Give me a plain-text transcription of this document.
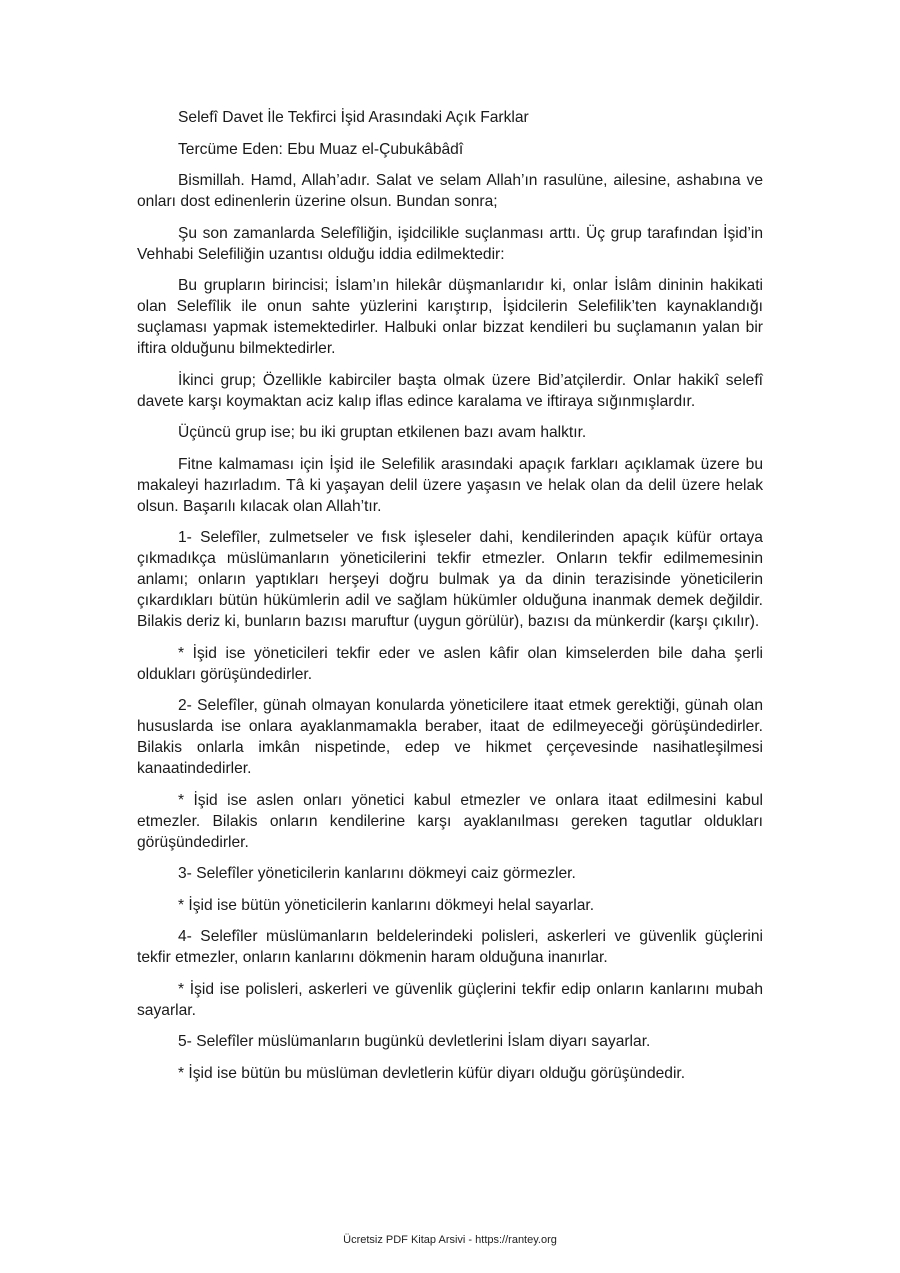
Selefî Davet İle Tekfirci İşid Arasındaki Açık Farklar

Tercüme Eden: Ebu Muaz el-Çubukâbâdî

Bismillah. Hamd, Allah’adır. Salat ve selam Allah’ın rasulüne, ailesine, ashabına ve onları dost edinenlerin üzerine olsun. Bundan sonra;

Şu son zamanlarda Selefîliğin, işidcilikle suçlanması arttı. Üç grup tarafından İşid’in Vehhabi Selefiliğin uzantısı olduğu iddia edilmektedir:

Bu grupların birincisi; İslam’ın hilekâr düşmanlarıdır ki, onlar İslâm dininin hakikati olan Selefîlik ile onun sahte yüzlerini karıştırıp, İşidcilerin Selefilik’ten kaynaklandığı suçlaması yapmak istemektedirler. Halbuki onlar bizzat kendileri bu suçlamanın yalan bir iftira olduğunu bilmektedirler.

İkinci grup; Özellikle kabirciler başta olmak üzere Bid’atçilerdir. Onlar hakikî selefî davete karşı koymaktan aciz kalıp iflas edince karalama ve iftiraya sığınmışlardır.

Üçüncü grup ise; bu iki gruptan etkilenen bazı avam halktır.

Fitne kalmaması için İşid ile Selefilik arasındaki apaçık farkları açıklamak üzere bu makaleyi hazırladım. Tâ ki yaşayan delil üzere yaşasın ve helak olan da delil üzere helak olsun. Başarılı kılacak olan Allah’tır.

1- Selefîler, zulmetseler ve fısk işleseler dahi, kendilerinden apaçık küfür ortaya çıkmadıkça müslümanların yöneticilerini tekfir etmezler. Onların tekfir edilmemesinin anlamı; onların yaptıkları herşeyi doğru bulmak ya da dinin terazisinde yöneticilerin çıkardıkları bütün hükümlerin adil ve sağlam hükümler olduğuna inanmak demek değildir. Bilakis deriz ki, bunların bazısı maruftur (uygun görülür), bazısı da münkerdir (karşı çıkılır).

* İşid ise yöneticileri tekfir eder ve aslen kâfir olan kimselerden bile daha şerli oldukları görüşündedirler.

2- Selefîler, günah olmayan konularda yöneticilere itaat etmek gerektiği, günah olan hususlarda ise onlara ayaklanmamakla beraber, itaat de edilmeyeceği görüşündedirler. Bilakis onlarla imkân nispetinde, edep ve hikmet çerçevesinde nasihatleşilmesi kanaatindedirler.

* İşid ise aslen onları yönetici kabul etmezler ve onlara itaat edilmesini kabul etmezler. Bilakis onların kendilerine karşı ayaklanılması gereken tagutlar oldukları görüşündedirler.

3- Selefîler yöneticilerin kanlarını dökmeyi caiz görmezler.

* İşid ise bütün yöneticilerin kanlarını dökmeyi helal sayarlar.

4- Selefîler müslümanların beldelerindeki polisleri, askerleri ve güvenlik güçlerini tekfir etmezler, onların kanlarını dökmenin haram olduğuna inanırlar.

* İşid ise polisleri, askerleri ve güvenlik güçlerini tekfir edip onların kanlarını mubah sayarlar.

5- Selefîler müslümanların bugünkü devletlerini İslam diyarı sayarlar.

* İşid ise bütün bu müslüman devletlerin küfür diyarı olduğu görüşündedir.

Ücretsiz PDF Kitap Arsivi - https://rantey.org
